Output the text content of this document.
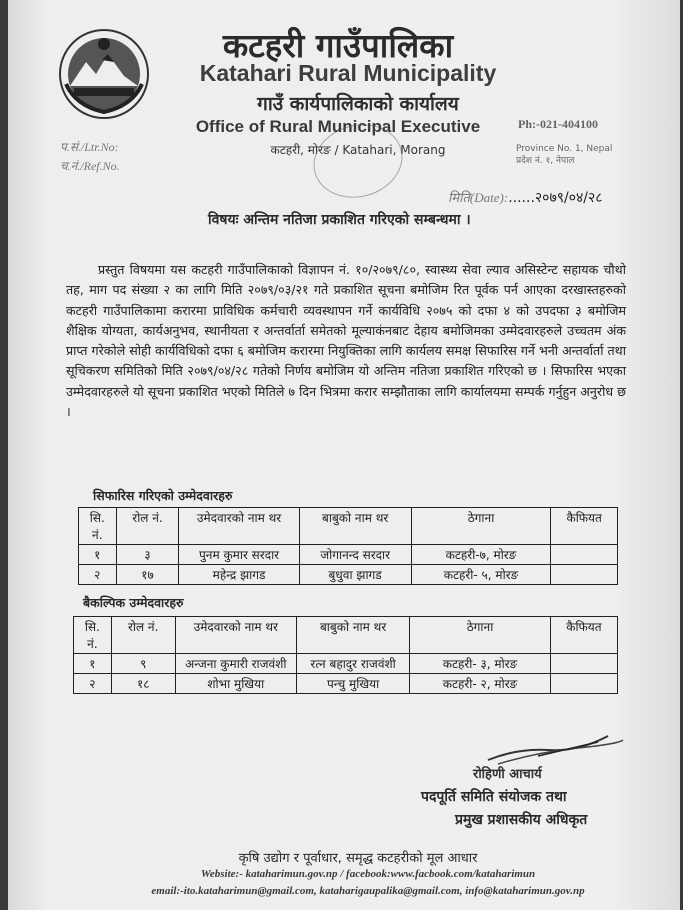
कटहरी गाउँपालिका
Katahari Rural Municipality
गाउँ कार्यपालिकाको कार्यालय
Office of Rural Municipal Executive
कटहरी, मोरङ / Katahari, Morang
Ph:-021-404100
Province No. 1, Nepal
प्रदेश नं. १, नेपाल
प.सं./Ltr.No:
च.नं./Ref.No.
मिति(Date):......२०७९/०४/२८
विषयः अन्तिम नतिजा प्रकाशित गरिएको सम्बन्धमा ।

प्रस्तुत विषयमा यस कटहरी गाउँपालिकाको विज्ञापन नं. १०/२०७९/८०, स्वास्थ्य सेवा ल्याव असिस्टेन्ट सहायक चौथो तह, माग पद संख्या २ का लागि मिति २०७९/०३/२१ गते प्रकाशित सूचना बमोजिम रित पूर्वक पर्न आएका दरखास्तहरुको कटहरी गाउँपालिकामा करारमा प्राविधिक कर्मचारी व्यवस्थापन गर्ने कार्यविधि २०७५ को दफा ४ को उपदफा ३ बमोजिम शैक्षिक योग्यता, कार्यअनुभव, स्थानीयता र अन्तर्वार्ता समेतको मूल्याकंनबाट देहाय बमोजिमका उम्मेदवारहरुले उच्चतम अंक प्राप्त गरेकोले सोही कार्यविधिको दफा ६ बमोजिम करारमा नियुक्तिका लागि कार्यलय समक्ष सिफारिस गर्ने भनी अन्तर्वार्ता तथा सूचिकरण समितिको मिति २०७९/०४/२८ गतेको निर्णय बमोजिम यो अन्तिम नतिजा प्रकाशित गरिएको छ । सिफारिस भएका उम्मेदवारहरुले यो सूचना प्रकाशित भएको मितिले ७ दिन भित्रमा करार सम्झौताका लागि कार्यालयमा सम्पर्क गर्नुहुन अनुरोध छ ।

सिफारिस गरिएको उम्मेदवारहरु
सि. नं.	रोल नं.	उमेदवारको नाम थर	बाबुको नाम थर	ठेगाना	कैफियत
१	३	पुनम कुमार सरदार	जोगानन्द सरदार	कटहरी-७, मोरङ	
२	१७	महेन्द्र झागड	बुधुवा झागड	कटहरी- ५, मोरङ	
बैकल्पिक उम्मेदवारहरु
सि. नं.	रोल नं.	उमेदवारको नाम थर	बाबुको नाम थर	ठेगाना	कैफियत
१	९	अन्जना कुमारी राजवंशी	रत्न बहादुर राजवंशी	कटहरी- ३, मोरङ	
२	१८	शोभा मुखिया	पन्चु मुखिया	कटहरी- २, मोरङ	
रोहिणी आचार्य
पदपूर्ति समिति संयोजक तथा
प्रमुख प्रशासकीय अधिकृत
कृषि उद्योग र पूर्वाधार, समृद्ध कटहरीको मूल आधार
Website:- kataharimun.gov.np / facebook:www.facbook.com/kataharimun
email:-ito.kataharimun@gmail.com, kataharigaupalika@gmail.com, info@kataharimun.gov.np
